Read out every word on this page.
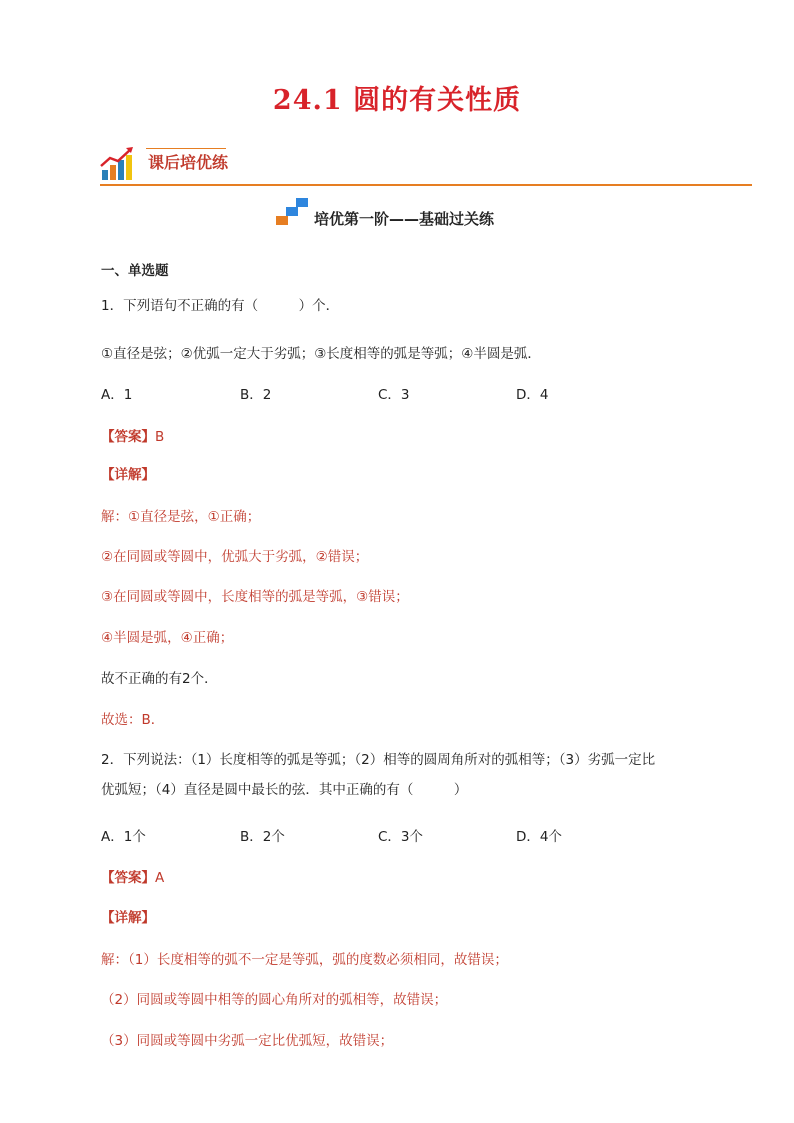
24.1 圆的有关性质
课后培优练
培优第一阶——基础过关练
一、单选题
1．下列语句不正确的有（　　　）个．
①直径是弦；②优弧一定大于劣弧；③长度相等的弧是等弧；④半圆是弧．
A．1	B．2	C．3	D．4
【答案】B
【详解】
解：①直径是弦，①正确；
②在同圆或等圆中，优弧大于劣弧，②错误；
③在同圆或等圆中，长度相等的弧是等弧，③错误；
④半圆是弧，④正确；
故不正确的有2个．
故选：B．
2．下列说法：（1）长度相等的弧是等弧；（2）相等的圆周角所对的弧相等；（3）劣弧一定比
优弧短；（4）直径是圆中最长的弦．其中正确的有（　　　）
A．1个	B．2个	C．3个	D．4个
【答案】A
【详解】
解：（1）长度相等的弧不一定是等弧，弧的度数必须相同，故错误；
（2）同圆或等圆中相等的圆心角所对的弧相等，故错误；
（3）同圆或等圆中劣弧一定比优弧短，故错误；
